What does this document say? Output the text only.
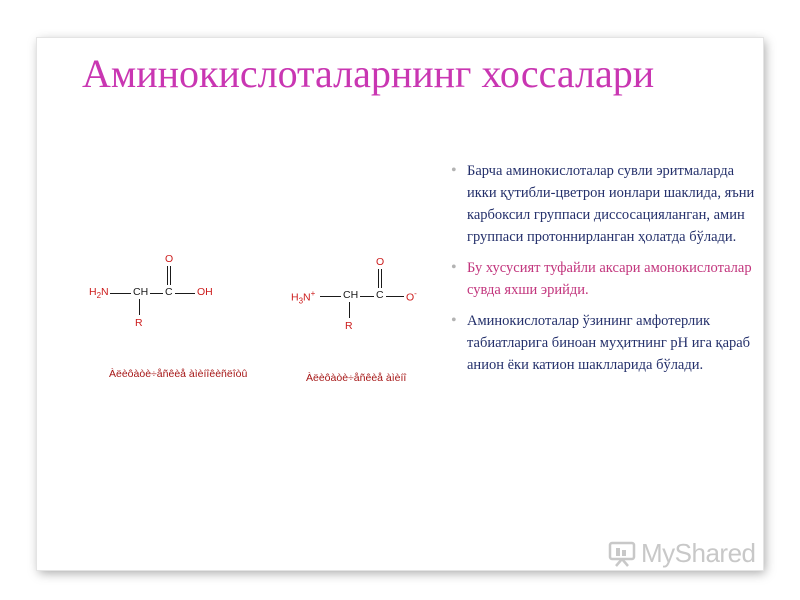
Аминокислоталарнинг хоссалари
• Барча аминокислоталар сувли эритмаларда икки қутибли-цветрон ионлари шаклида, яъни карбоксил группаси диссосацияланган, амин группаси протоннирланган ҳолатда бўлади.
• Бу хусусият туфайли аксари амонокислоталар сувда яхши эрийди.
• Аминокислоталар ўзининг амфотерлик табиатларига биноан муҳитнинг pH ига қараб анион ёки катион шаклларида бўлади.
$H_2N$ CH C OH
O
R
Àëèôàòè÷åñêèå àìèíîêèñëîòû
$H_3N^+$	CH C O-
O
R
Àëèôàòè÷åñêèå àìèíî
MyShared
